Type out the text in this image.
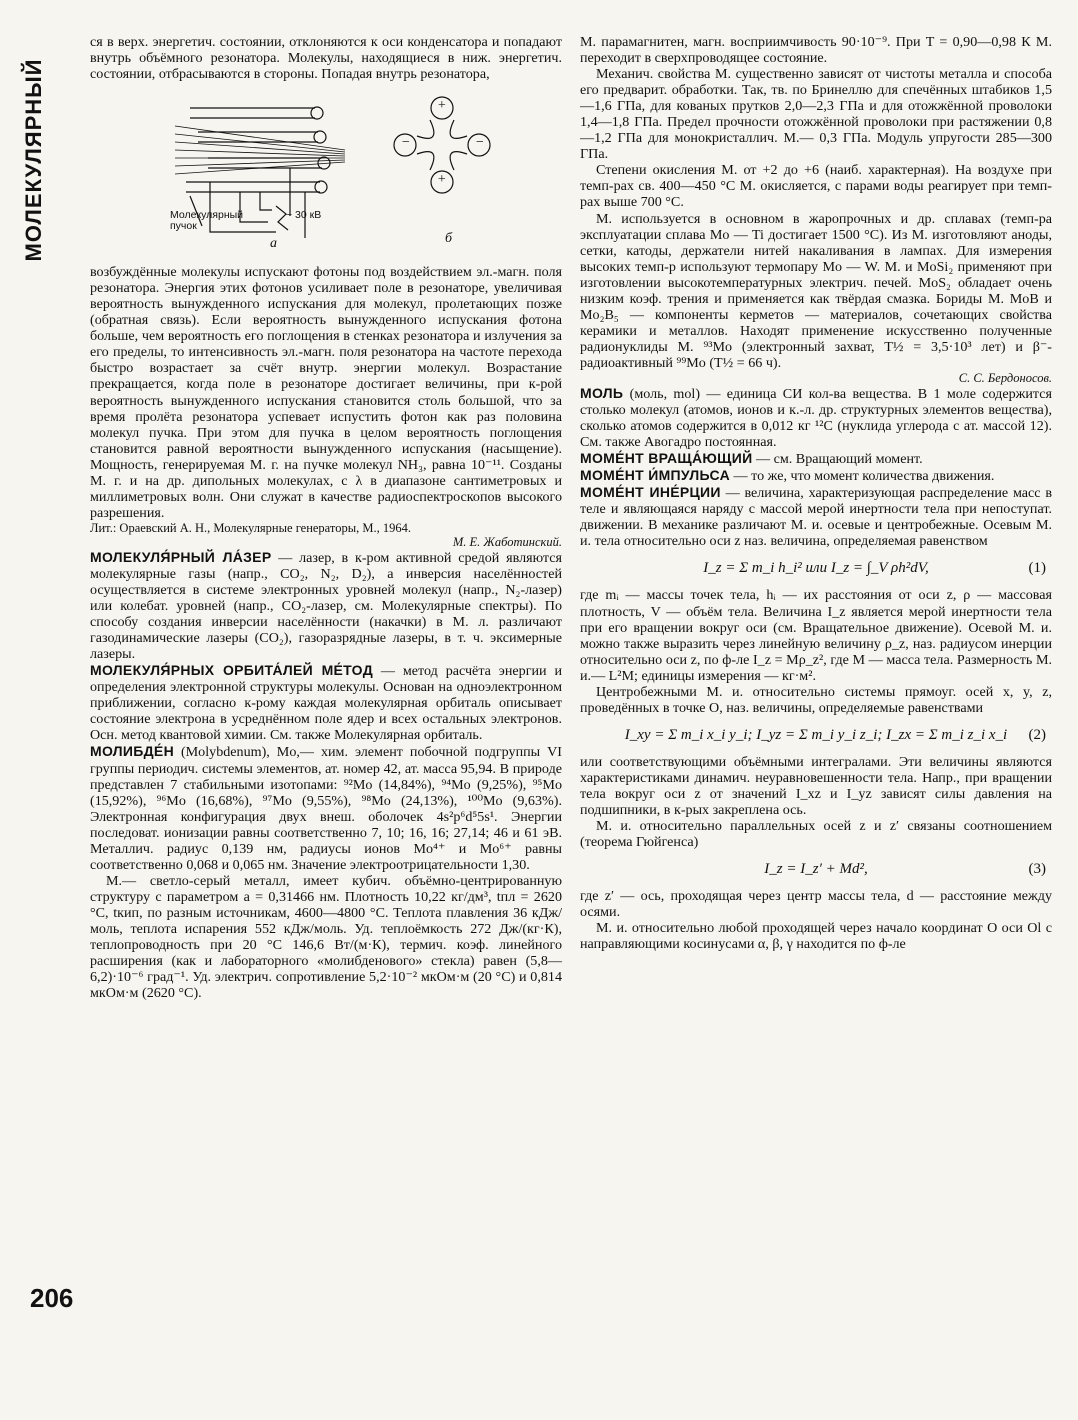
МОЛЕКУЛЯРНЫЙ
206

ся в верх. энергетич. состоянии, отклоняются к оси конденсатора и попадают внутрь объёмного резонатора. Молекулы, находящиеся в ниж. энергетич. состоянии, отбрасываются в стороны. Попадая внутрь резонатора,

Молекулярный пучок
~ 30 кВ
а	б
+
+
−	−

возбуждённые молекулы испускают фотоны под воздействием эл.-магн. поля резонатора. Энергия этих фотонов усиливает поле в резонаторе, увеличивая вероятность вынужденного испускания для молекул, пролетающих позже (обратная связь). Если вероятность вынужденного испускания фотона больше, чем вероятность его поглощения в стенках резонатора и излучения за его пределы, то интенсивность эл.-магн. поля резонатора на частоте перехода быстро возрастает за счёт внутр. энергии молекул. Возрастание прекращается, когда поле в резонаторе достигает величины, при к-рой вероятность вынужденного испускания становится столь большой, что за время пролёта резонатора успевает испустить фотон как раз половина молекул пучка. При этом для пучка в целом вероятность поглощения становится равной вероятности вынужденного испускания (насыщение). Мощность, генерируемая М. г. на пучке молекул NH₃, равна 10⁻¹¹. Созданы М. г. и на др. дипольных молекулах, с λ в диапазоне сантиметровых и миллиметровых волн. Они служат в качестве радиоспектроскопов высокого разрешения.

Лит.: Ораевский А. Н., Молекулярные генераторы, М., 1964.

М. Е. Жаботинский.

МОЛЕКУЛЯ́РНЫЙ ЛА́ЗЕР — лазер, в к-ром активной средой являются молекулярные газы (напр., CO₂, N₂, D₂), а инверсия населённостей осуществляется в системе электронных уровней молекул (напр., N₂-лазер) или колебат. уровней (напр., CO₂-лазер, см. Молекулярные спектры). По способу создания инверсии населённости (накачки) в М. л. различают газодинамические лазеры (CO₂), газоразрядные лазеры, в т. ч. эксимерные лазеры.

МОЛЕКУЛЯ́РНЫХ ОРБИТА́ЛЕЙ МЕ́ТОД — метод расчёта энергии и определения электронной структуры молекулы. Основан на одноэлектронном приближении, согласно к-рому каждая молекулярная орбиталь описывает состояние электрона в усреднённом поле ядер и всех остальных электронов. Осн. метод квантовой химии. См. также Молекулярная орбиталь.

МОЛИБДЕ́Н (Molybdenum), Mo,— хим. элемент побочной подгруппы VI группы периодич. системы элементов, ат. номер 42, ат. масса 95,94. В природе представлен 7 стабильными изотопами: ⁹²Mo (14,84%), ⁹⁴Mo (9,25%), ⁹⁵Mo (15,92%), ⁹⁶Mo (16,68%), ⁹⁷Mo (9,55%), ⁹⁸Mo (24,13%), ¹⁰⁰Mo (9,63%). Электронная конфигурация двух внеш. оболочек 4s²p⁶d⁵5s¹. Энергии последоват. ионизации равны соответственно 7, 10; 16, 16; 27,14; 46 и 61 эВ. Металлич. радиус 0,139 нм, радиусы ионов Mo⁴⁺ и Mo⁶⁺ равны соответственно 0,068 и 0,065 нм. Значение электроотрицательности 1,30.

М.— светло-серый металл, имеет кубич. объёмно-центрированную структуру с параметром a = 0,31466 нм. Плотность 10,22 кг/дм³, tпл = 2620 °С, tкип, по разным источникам, 4600—4800 °С. Теплота плавления 36 кДж/моль, теплота испарения 552 кДж/моль. Уд. теплоёмкость 272 Дж/(кг·К), теплопроводность при 20 °С 146,6 Вт/(м·К), термич. коэф. линейного расширения (как и лабораторного «молибденового» стекла) равен (5,8—6,2)·10⁻⁶ град⁻¹. Уд. электрич. сопротивление 5,2·10⁻² мкОм·м (20 °С) и 0,814 мкОм·м (2620 °С).

М. парамагнитен, магн. восприимчивость 90·10⁻⁹. При T = 0,90—0,98 К М. переходит в сверхпроводящее состояние.

Механич. свойства М. существенно зависят от чистоты металла и способа его предварит. обработки. Так, тв. по Бринеллю для спечённых штабиков 1,5—1,6 ГПа, для кованых прутков 2,0—2,3 ГПа и для отожжённой проволоки 1,4—1,8 ГПа. Предел прочности отожжённой проволоки при растяжении 0,8—1,2 ГПа для монокристаллич. М.— 0,3 ГПа. Модуль упругости 285—300 ГПа.

Степени окисления М. от +2 до +6 (наиб. характерная). На воздухе при темп-рах св. 400—450 °С М. окисляется, с парами воды реагирует при темп-рах выше 700 °С.

М. используется в основном в жаропрочных и др. сплавах (темп-ра эксплуатации сплава Mo — Ti достигает 1500 °С). Из М. изготовляют аноды, сетки, катоды, держатели нитей накаливания в лампах. Для измерения высоких темп-р используют термопару Mo — W. M. и MoSi₂ применяют при изготовлении высокотемпературных электрич. печей. MoS₂ обладает очень низким коэф. трения и применяется как твёрдая смазка. Бориды М. MoB и Mo₂B₅ — компоненты керметов — материалов, сочетающих свойства керамики и металлов. Находят применение искусственно полученные радионуклиды М. ⁹³Mo (электронный захват, T½ = 3,5·10³ лет) и β⁻-радиоактивный ⁹⁹Mo (T½ = 66 ч).

С. С. Бердоносов.

МОЛЬ (моль, mol) — единица СИ кол-ва вещества. В 1 моле содержится столько молекул (атомов, ионов и к.-л. др. структурных элементов вещества), сколько атомов содержится в 0,012 кг ¹²C (нуклида углерода с ат. массой 12). См. также Авогадро постоянная.

МОМЕ́НТ ВРАЩА́ЮЩИЙ — см. Вращающий момент.

МОМЕ́НТ И́МПУЛЬСА — то же, что момент количества движения.

МОМЕ́НТ ИНЕ́РЦИИ — величина, характеризующая распределение масс в теле и являющаяся наряду с массой мерой инертности тела при непоступат. движении. В механике различают М. и. осевые и центробежные. Осевым М. и. тела относительно оси z наз. величина, определяемая равенством

I_z = Σ m_i h_i² или I_z = ∫_V ρh²dV,	(1)

где mᵢ — массы точек тела, hᵢ — их расстояния от оси z, ρ — массовая плотность, V — объём тела. Величина I_z является мерой инертности тела при его вращении вокруг оси (см. Вращательное движение). Осевой М. и. можно также выразить через линейную величину ρ_z, наз. радиусом инерции относительно оси z, по ф-ле I_z = Mρ_z², где M — масса тела. Размерность М. и.— L²M; единицы измерения — кг·м².

Центробежными М. и. относительно системы прямоуг. осей x, y, z, проведённых в точке O, наз. величины, определяемые равенствами

I_xy = Σ m_i x_i y_i; I_yz = Σ m_i y_i z_i; I_zx = Σ m_i z_i x_i (2)

или соответствующими объёмными интегралами. Эти величины являются характеристиками динамич. неуравновешенности тела. Напр., при вращении тела вокруг оси z от значений I_xz и I_yz зависят силы давления на подшипники, в к-рых закреплена ось.

М. и. относительно параллельных осей z и z′ связаны соотношением (теорема Гюйгенса)

I_z = I_z′ + Md²,	(3)

где z′ — ось, проходящая через центр массы тела, d — расстояние между осями.

М. и. относительно любой проходящей через начало координат O оси Ol с направляющими косинусами α, β, γ находится по ф-ле
